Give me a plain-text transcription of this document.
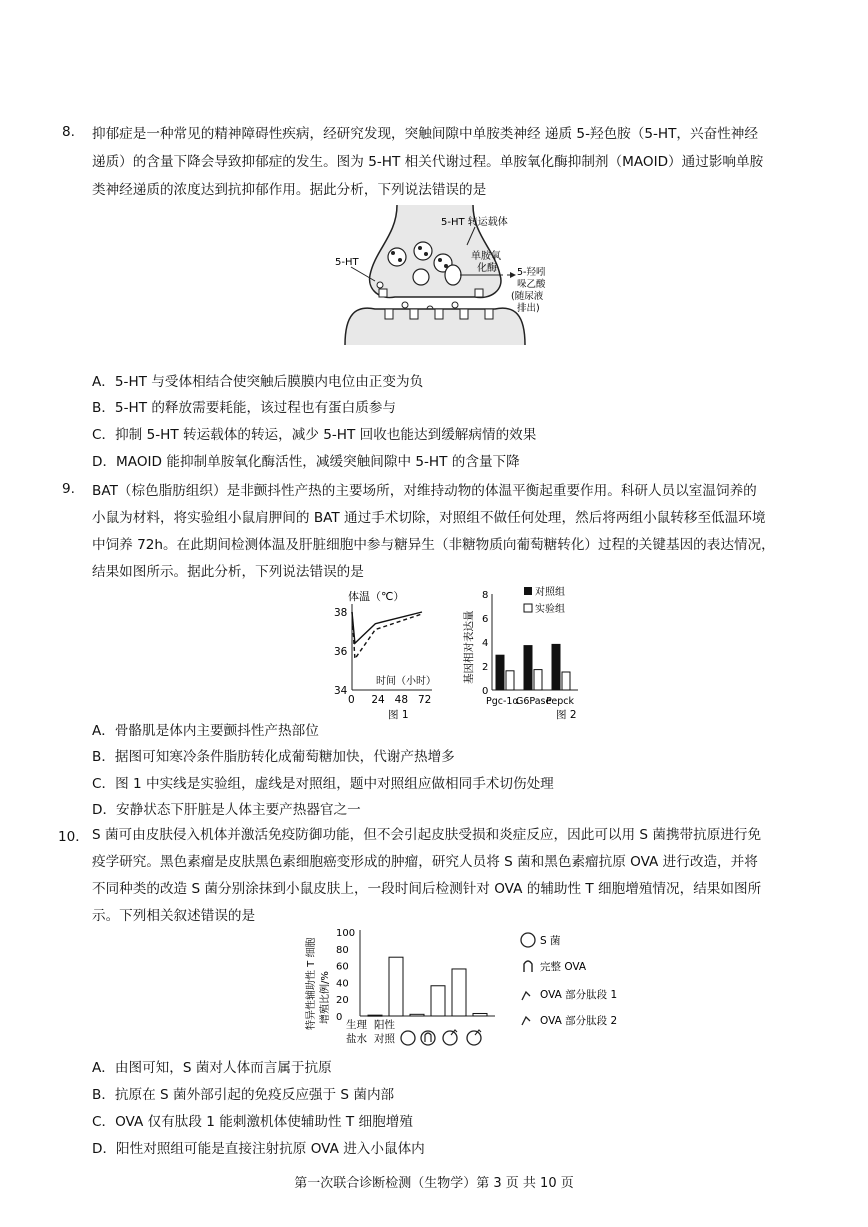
8. 抑郁症是一种常见的精神障碍性疾病，经研究发现，突触间隙中单胺类神经 递质 5-羟色胺（5-HT，兴奋性神经
递质）的含量下降会导致抑郁症的发生。图为 5-HT 相关代谢过程。单胺氧化酶抑制剂（MAOID）通过影响单胺
类神经递质的浓度达到抗抑郁作用。据此分析，下列说法错误的是
5-HT 转运载体
单胺氧
化酶
5-HT
5-羟吲
哚乙酸
(随尿液
排出)
A．5-HT 与受体相结合使突触后膜膜内电位由正变为负
B．5-HT 的释放需要耗能，该过程也有蛋白质参与
C．抑制 5-HT 转运载体的转运，减少 5-HT 回收也能达到缓解病情的效果
D．MAOID 能抑制单胺氧化酶活性，减缓突触间隙中 5-HT 的含量下降
9. BAT（棕色脂肪组织）是非颤抖性产热的主要场所，对维持动物的体温平衡起重要作用。科研人员以室温饲养的
小鼠为材料，将实验组小鼠肩胛间的 BAT 通过手术切除，对照组不做任何处理，然后将两组小鼠转移至低温环境
中饲养 72h。在此期间检测体温及肝脏细胞中参与糖异生（非糖物质向葡萄糖转化）过程的关键基因的表达情况，
结果如图所示。据此分析，下列说法错误的是
体温（℃）
时间（小时）
图 1
38
36
34
0 24 48 72
基因相对表达量
对照组
实验组
图 2
8
6
4
2
0
Pgc-1α
G6Pase
Pepck
A．骨骼肌是体内主要颤抖性产热部位
B．据图可知寒冷条件脂肪转化成葡萄糖加快，代谢产热增多
C．图 1 中实线是实验组，虚线是对照组，题中对照组应做相同手术切伤处理
D．安静状态下肝脏是人体主要产热器官之一
10． S 菌可由皮肤侵入机体并激活免疫防御功能，但不会引起皮肤受损和炎症反应，因此可以用 S 菌携带抗原进行免
疫学研究。黑色素瘤是皮肤黑色素细胞癌变形成的肿瘤，研究人员将 S 菌和黑色素瘤抗原 OVA 进行改造，并将
不同种类的改造 S 菌分别涂抹到小鼠皮肤上，一段时间后检测针对 OVA 的辅助性 T 细胞增殖情况，结果如图所
示。下列相关叙述错误的是
特异性辅助性 T 细胞 增殖比例/%
100
80
60
40
20
0
生理
盐水
阳性
对照
S 菌
完整 OVA
OVA 部分肽段 1
OVA 部分肽段 2
A．由图可知，S 菌对人体而言属于抗原
B．抗原在 S 菌外部引起的免疫反应强于 S 菌内部
C．OVA 仅有肽段 1 能刺激机体使辅助性 T 细胞增殖
D．阳性对照组可能是直接注射抗原 OVA 进入小鼠体内
第一次联合诊断检测（生物学）第 3 页 共 10 页
